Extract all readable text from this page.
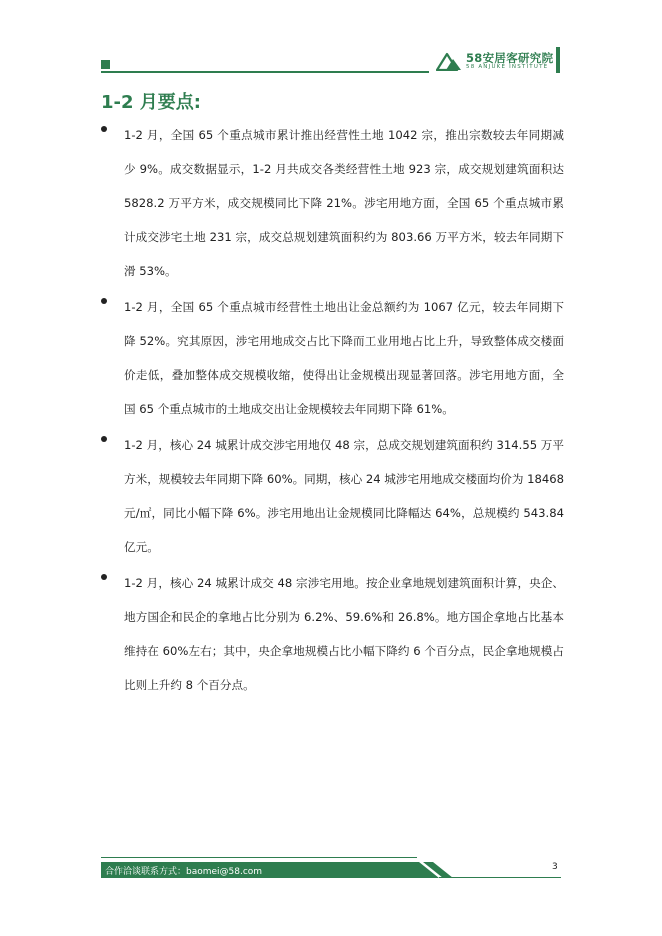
58安居客研究院
58 ANJUKE INSTITUTE
1-2 月要点:
1-2 月，全国 65 个重点城市累计推出经营性土地 1042 宗，推出宗数较去年同期减少 9%。成交数据显示，1-2 月共成交各类经营性土地 923 宗，成交规划建筑面积达 5828.2 万平方米，成交规模同比下降 21%。涉宅用地方面，全国 65 个重点城市累计成交涉宅土地 231 宗，成交总规划建筑面积约为 803.66 万平方米，较去年同期下滑 53%。
1-2 月，全国 65 个重点城市经营性土地出让金总额约为 1067 亿元，较去年同期下降 52%。究其原因，涉宅用地成交占比下降而工业用地占比上升，导致整体成交楼面价走低，叠加整体成交规模收缩，使得出让金规模出现显著回落。涉宅用地方面，全国 65 个重点城市的土地成交出让金规模较去年同期下降 61%。
1-2 月，核心 24 城累计成交涉宅用地仅 48 宗，总成交规划建筑面积约 314.55 万平方米，规模较去年同期下降 60%。同期，核心 24 城涉宅用地成交楼面均价为 18468 元/㎡，同比小幅下降 6%。涉宅用地出让金规模同比降幅达 64%，总规模约 543.84 亿元。
1-2 月，核心 24 城累计成交 48 宗涉宅用地。按企业拿地规划建筑面积计算，央企、地方国企和民企的拿地占比分别为 6.2%、59.6%和 26.8%。地方国企拿地占比基本维持在 60%左右；其中，央企拿地规模占比小幅下降约 6 个百分点，民企拿地规模占比则上升约 8 个百分点。
合作洽谈联系方式：baomei@58.com	3
